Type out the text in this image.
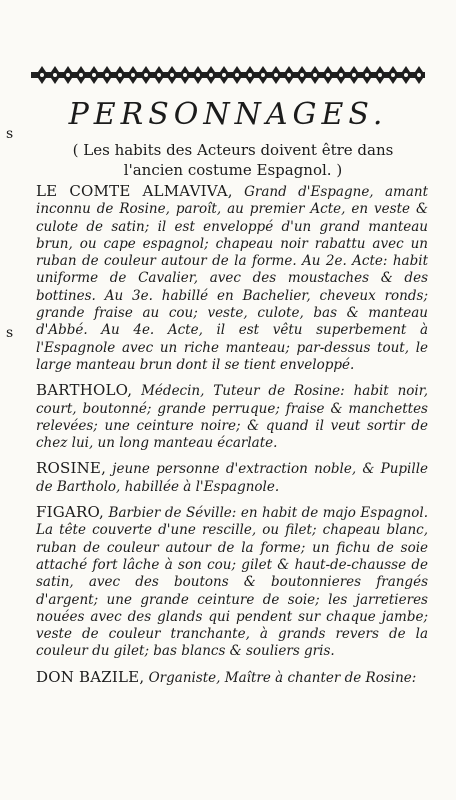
s
s
PERSONNAGES.
( Les habits des Acteurs doivent être dans l'ancien costume Espagnol. )

LE COMTE ALMAVIVA, Grand d'Espagne, amant inconnu de Rosine, paroît, au premier Acte, en veste & culote de satin; il est enveloppé d'un grand manteau brun, ou cape espagnol; chapeau noir rabattu avec un ruban de couleur autour de la forme. Au 2e. Acte: habit uniforme de Cavalier, avec des moustaches & des bottines. Au 3e. habillé en Bachelier, cheveux ronds; grande fraise au cou; veste, culote, bas & manteau d'Abbé. Au 4e. Acte, il est vêtu superbement à l'Espagnole avec un riche manteau; par-dessus tout, le large manteau brun dont il se tient enveloppé.

BARTHOLO, Médecin, Tuteur de Rosine: habit noir, court, boutonné; grande perruque; fraise & manchettes relevées; une ceinture noire; & quand il veut sortir de chez lui, un long manteau écarlate.

ROSINE, jeune personne d'extraction noble, & Pupille de Bartholo, habillée à l'Espagnole.

FIGARO, Barbier de Séville: en habit de majo Espagnol. La tête couverte d'une rescille, ou filet; chapeau blanc, ruban de couleur autour de la forme; un fichu de soie attaché fort lâche à son cou; gilet & haut-de-chausse de satin, avec des boutons & boutonnieres frangés d'argent; une grande ceinture de soie; les jarretieres nouées avec des glands qui pendent sur chaque jambe; veste de couleur tranchante, à grands revers de la couleur du gilet; bas blancs & souliers gris.

DON BAZILE, Organiste, Maître à chanter de Rosine:
